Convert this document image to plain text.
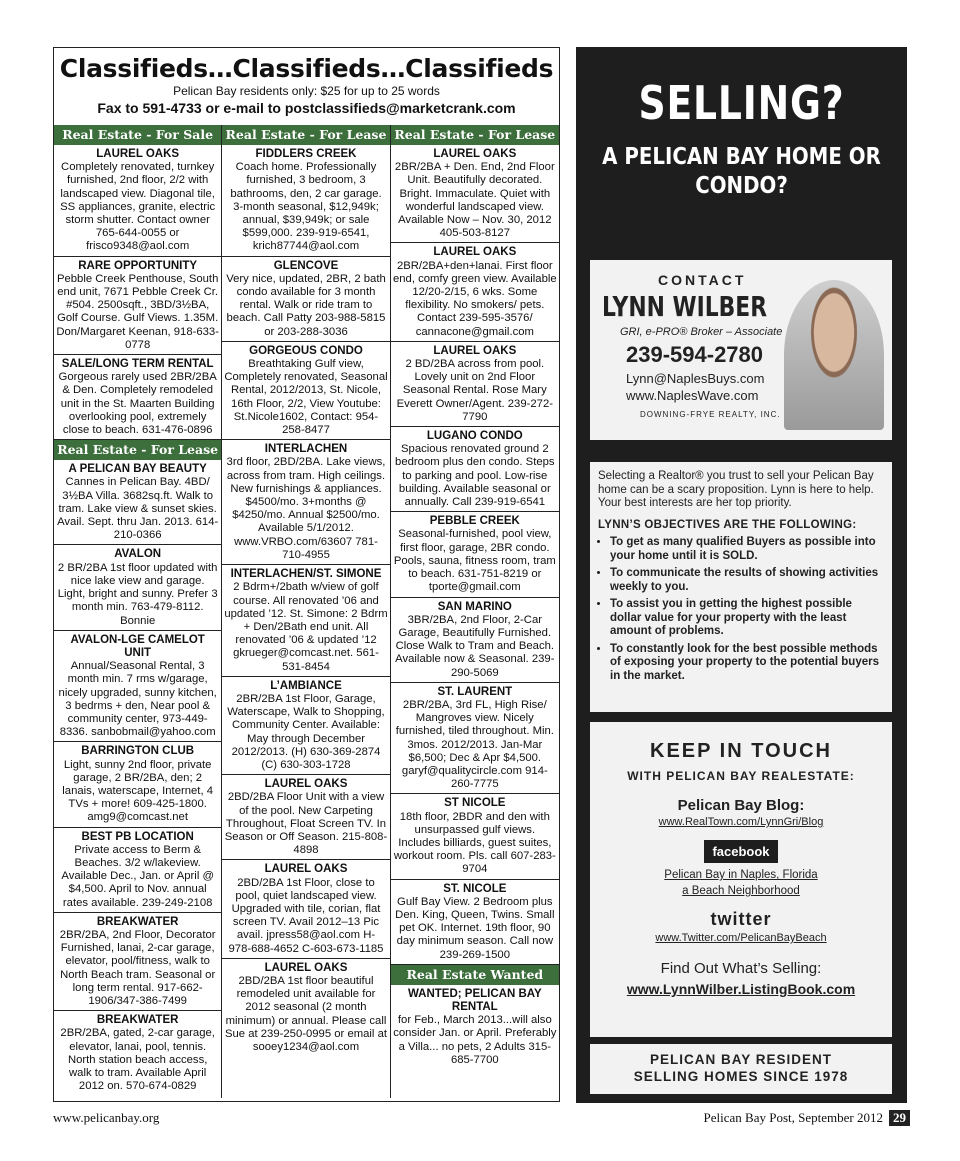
Classifieds…Classifieds…Classifieds
Pelican Bay residents only: $25 for up to 25 words
Fax to 591-4733 or e-mail to postclassifieds@marketcrank.com
Real Estate - For Sale
LAUREL OAKS
Completely renovated, turnkey furnished, 2nd floor, 2/2 with landscaped view. Diagonal tile, SS appliances, granite, electric storm shutter. Contact owner 765-644-0055 or frisco9348@aol.com
RARE OPPORTUNITY
Pebble Creek Penthouse, South end unit, 7671 Pebble Creek Cr. #504. 2500sqft., 3BD/3½BA, Golf Course. Gulf Views. 1.35M. Don/Margaret Keenan, 918-633-0778
SALE/LONG TERM RENTAL
Gorgeous rarely used 2BR/2BA & Den. Completely remodeled unit in the St. Maarten Building overlooking pool, extremely close to beach. 631-476-0896
Real Estate - For Lease
A PELICAN BAY BEAUTY
Cannes in Pelican Bay. 4BD/ 3½BA Villa. 3682sq.ft. Walk to tram. Lake view & sunset skies. Avail. Sept. thru Jan. 2013. 614-210-0366
AVALON
2 BR/2BA 1st floor updated with nice lake view and garage. Light, bright and sunny. Prefer 3 month min. 763-479-8112. Bonnie
AVALON-LGE CAMELOT UNIT
Annual/Seasonal Rental, 3 month min. 7 rms w/garage, nicely upgraded, sunny kitchen, 3 bedrms + den, Near pool & community center, 973-449-8336. sanbobmail@yahoo.com
BARRINGTON CLUB
Light, sunny 2nd floor, private garage, 2 BR/2BA, den; 2 lanais, waterscape, Internet, 4 TVs + more! 609-425-1800. amg9@comcast.net
BEST PB LOCATION
Private access to Berm & Beaches. 3/2 w/lakeview. Available Dec., Jan. or April @ $4,500. April to Nov. annual rates available. 239-249-2108
BREAKWATER
2BR/2BA, 2nd Floor, Decorator Furnished, lanai, 2-car garage, elevator, pool/fitness, walk to North Beach tram. Seasonal or long term rental. 917-662-1906/347-386-7499
BREAKWATER
2BR/2BA, gated, 2-car garage, elevator, lanai, pool, tennis. North station beach access, walk to tram. Available April 2012 on. 570-674-0829
Real Estate - For Lease
FIDDLERS CREEK
Coach home. Professionally furnished, 3 bedroom, 3 bathrooms, den, 2 car garage. 3-month seasonal, $12,949k; annual, $39,949k; or sale $599,000. 239-919-6541, krich87744@aol.com
GLENCOVE
Very nice, updated, 2BR, 2 bath condo available for 3 month rental. Walk or ride tram to beach. Call Patty 203-988-5815 or 203-288-3036
GORGEOUS CONDO
Breathtaking Gulf view, Completely renovated, Seasonal Rental, 2012/2013, St. Nicole, 16th Floor, 2/2, View Youtube: St.Nicole1602, Contact: 954-258-8477
INTERLACHEN
3rd floor, 2BD/2BA. Lake views, across from tram. High ceilings. New furnishings & appliances. $4500/mo. 3+months @ $4250/mo. Annual $2500/mo. Available 5/1/2012. www.VRBO.com/63607 781-710-4955
INTERLACHEN/ST. SIMONE
2 Bdrm+/2bath w/view of golf course. All renovated ’06 and updated ’12. St. Simone: 2 Bdrm + Den/2Bath end unit. All renovated ’06 & updated ’12 gkrueger@comcast.net. 561-531-8454
L’AMBIANCE
2BR/2BA 1st Floor, Garage, Waterscape, Walk to Shopping, Community Center. Available: May through December 2012/2013. (H) 630-369-2874 (C) 630-303-1728
LAUREL OAKS
2BD/2BA Floor Unit with a view of the pool. New Carpeting Throughout, Float Screen TV. In Season or Off Season. 215-808-4898
LAUREL OAKS
2BD/2BA 1st Floor, close to pool, quiet landscaped view. Upgraded with tile, corian, flat screen TV. Avail 2012–13 Pic avail. jpress58@aol.com H- 978-688-4652 C-603-673-1185
LAUREL OAKS
2BD/2BA 1st floor beautiful remodeled unit available for 2012 seasonal (2 month minimum) or annual. Please call Sue at 239-250-0995 or email at sooey1234@aol.com
Real Estate - For Lease
LAUREL OAKS
2BR/2BA + Den. End, 2nd Floor Unit. Beautifully decorated. Bright. Immaculate. Quiet with wonderful landscaped view. Available Now – Nov. 30, 2012 405-503-8127
LAUREL OAKS
2BR/2BA+den+lanai. First floor end, comfy green view. Available 12/20-2/15, 6 wks. Some flexibility. No smokers/ pets. Contact 239-595-3576/ cannacone@gmail.com
LAUREL OAKS
2 BD/2BA across from pool. Lovely unit on 2nd Floor Seasonal Rental. Rose Mary Everett Owner/Agent. 239-272-7790
LUGANO CONDO
Spacious renovated ground 2 bedroom plus den condo. Steps to parking and pool. Low-rise building. Available seasonal or annually. Call 239-919-6541
PEBBLE CREEK
Seasonal-furnished, pool view, first floor, garage, 2BR condo. Pools, sauna, fitness room, tram to beach. 631-751-8219 or tporte@gmail.com
SAN MARINO
3BR/2BA, 2nd Floor, 2-Car Garage, Beautifully Furnished. Close Walk to Tram and Beach. Available now & Seasonal. 239-290-5069
ST. LAURENT
2BR/2BA, 3rd FL, High Rise/ Mangroves view. Nicely furnished, tiled throughout. Min. 3mos. 2012/2013. Jan-Mar $6,500; Dec & Apr $4,500. garyf@qualitycircle.com 914-260-7775
ST NICOLE
18th floor, 2BDR and den with unsurpassed gulf views. Includes billiards, guest suites, workout room. Pls. call 607-283-9704
ST. NICOLE
Gulf Bay View. 2 Bedroom plus Den. King, Queen, Twins. Small pet OK. Internet. 19th floor, 90 day minimum season. Call now 239-269-1500
Real Estate Wanted
WANTED; PELICAN BAY RENTAL
for Feb., March 2013...will also consider Jan. or April. Preferably a Villa... no pets, 2 Adults 315- 685-7700
SELLING?
A PELICAN BAY HOME OR CONDO?
CONTACT
LYNN WILBER
GRI, e-PRO® Broker – Associate
239-594-2780
Lynn@NaplesBuys.com
www.NaplesWave.com
DOWNING-FRYE REALTY, INC.
Selecting a Realtor® you trust to sell your Pelican Bay home can be a scary proposition. Lynn is here to help. Your best interests are her top priority.
LYNN’S OBJECTIVES ARE THE FOLLOWING:
• To get as many qualified Buyers as possible into your home until it is SOLD.
• To communicate the results of showing activities weekly to you.
• To assist you in getting the highest possible dollar value for your property with the least amount of problems.
• To constantly look for the best possible methods of exposing your property to the potential buyers in the market.
KEEP IN TOUCH
WITH PELICAN BAY REALESTATE:
Pelican Bay Blog:
www.RealTown.com/LynnGri/Blog
facebook
Pelican Bay in Naples, Florida
a Beach Neighborhood
twitter
www.Twitter.com/PelicanBayBeach
Find Out What’s Selling:
www.LynnWilber.ListingBook.com
PELICAN BAY RESIDENT
SELLING HOMES SINCE 1978
www.pelicanbay.org	Pelican Bay Post, September 2012 29
